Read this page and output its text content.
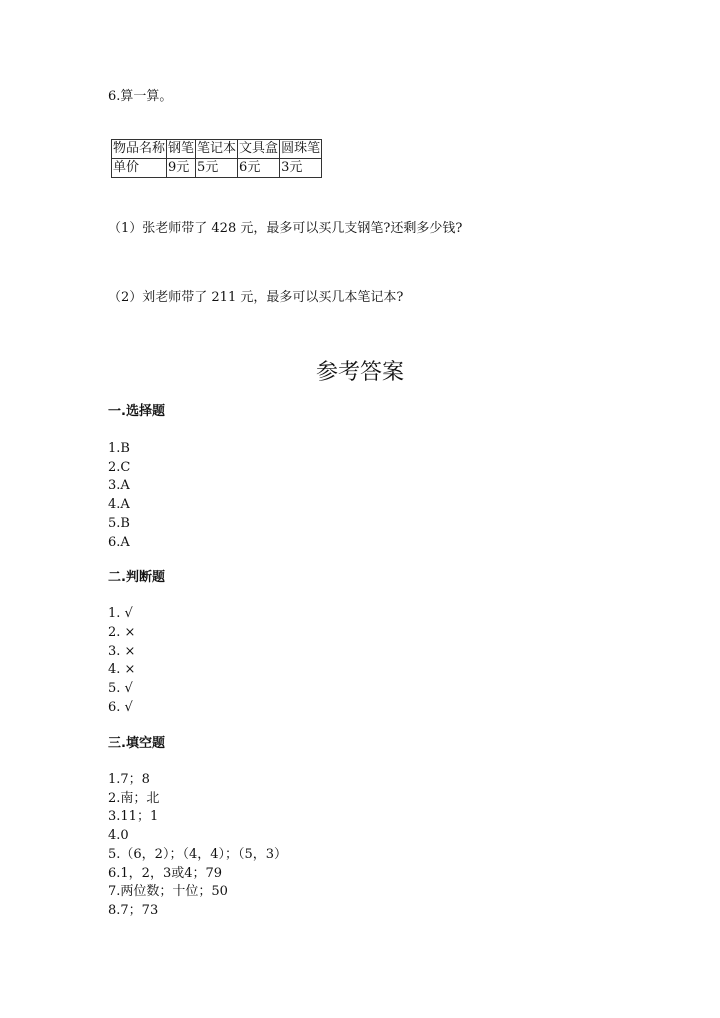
6.算一算。
物品名称	钢笔	笔记本	文具盒	圆珠笔
单价	9元	5元	6元	3元
（1）张老师带了 428 元，最多可以买几支钢笔?还剩多少钱?
（2）刘老师带了 211 元，最多可以买几本笔记本?
参考答案
一.选择题
1.B
2.C
3.A
4.A
5.B
6.A
二.判断题
1. √
2. ×
3. ×
4. ×
5. √
6. √
三.填空题
1.7；8
2.南；北
3.11；1
4.0
5.（6，2）；（4，4）；（5，3）
6.1，2，3或4；79
7.两位数；十位；50
8.7；73
